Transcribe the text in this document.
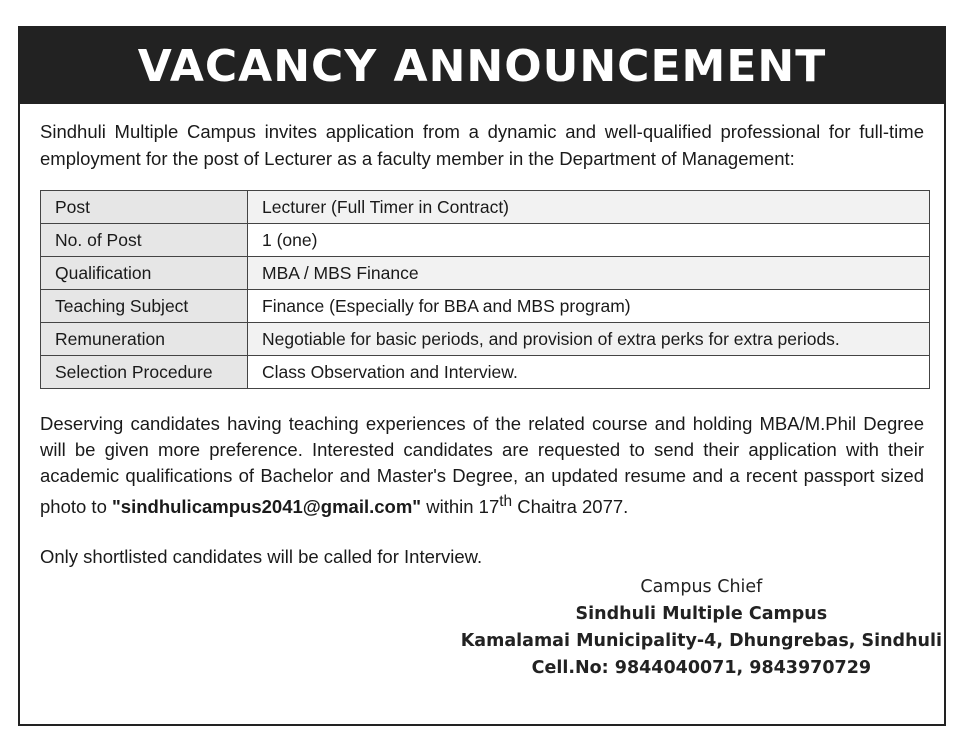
VACANCY ANNOUNCEMENT
Sindhuli Multiple Campus invites application from a dynamic and well-qualified professional for full-time employment for the post of Lecturer as a faculty member in the Department of Management:
Post	Lecturer (Full Timer in Contract)
No. of Post	1 (one)
Qualification	MBA / MBS Finance
Teaching Subject	Finance (Especially for BBA and MBS program)
Remuneration	Negotiable for basic periods, and provision of extra perks for extra periods.
Selection Procedure	Class Observation and Interview.
Deserving candidates having teaching experiences of the related course and holding MBA/M.Phil Degree will be given more preference. Interested candidates are requested to send their application with their academic qualifications of Bachelor and Master's Degree, an updated resume and a recent passport sized photo to "sindhulicampus2041@gmail.com" within 17th Chaitra 2077.
Only shortlisted candidates will be called for Interview.
Campus Chief
Sindhuli Multiple Campus
Kamalamai Municipality-4, Dhungrebas, Sindhuli
Cell.No: 9844040071, 9843970729
